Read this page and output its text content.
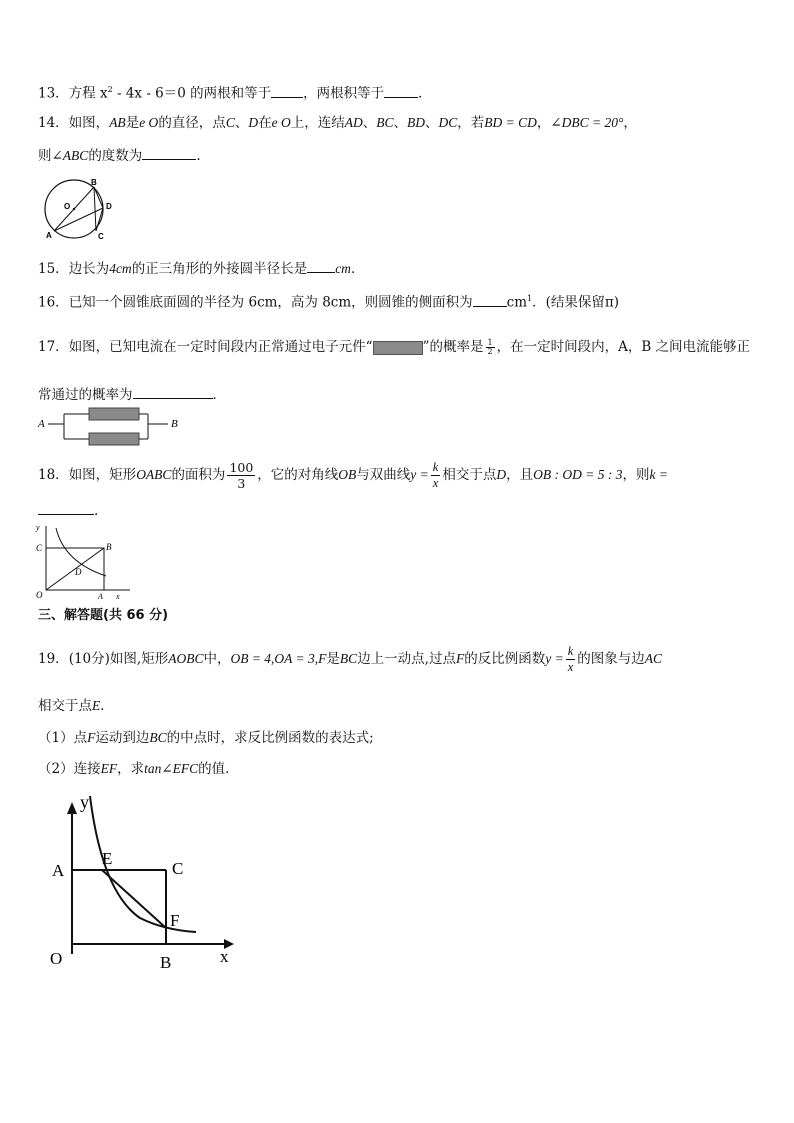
13．方程 $x^2 - 4x - 6=0$ 的两根和等于 ，两根积等于	．
14．如图，AB是e O的直径，点C、D在e O上，连结AD、BC、BD、DC，若BD = CD，∠DBC = 20°，
则∠ABC的度数为	.
O
B
D
A	C
15．边长为4cm的正三角形的外接圆半径长是 cm．
16．已知一个圆锥底面圆的半径为 6cm，高为 8cm，则圆锥的侧面积为	$cm^1$．(结果保留π)
17．如图，已知电流在一定时间段内正常通过电子元件“	”的概率是 $\frac{1}{2}$ ，在一定时间段内，A，B 之间电流能够正
常通过的概率为	．
A	B
18．如图，矩形OABC的面积为 $\frac{100}{3}$ ，它的对角线OB与双曲线$y = \frac{k}{x}$ 相交于点D，且OB : OD = 5 : 3，则k =
.
y
C	B
D
O	A x
三、解答题(共 66 分)
19．(10分)如图,矩形AOBC中，OB = 4,OA = 3,F是BC边上一动点,过点F的反比例函数$y = \frac{k}{x}$ 的图象与边AC
相交于点E．
（1）点F运动到边BC的中点时，求反比例函数的表达式;
（2）连接EF，求tan∠EFC的值．
y
A
E
C
F
O	B	x
